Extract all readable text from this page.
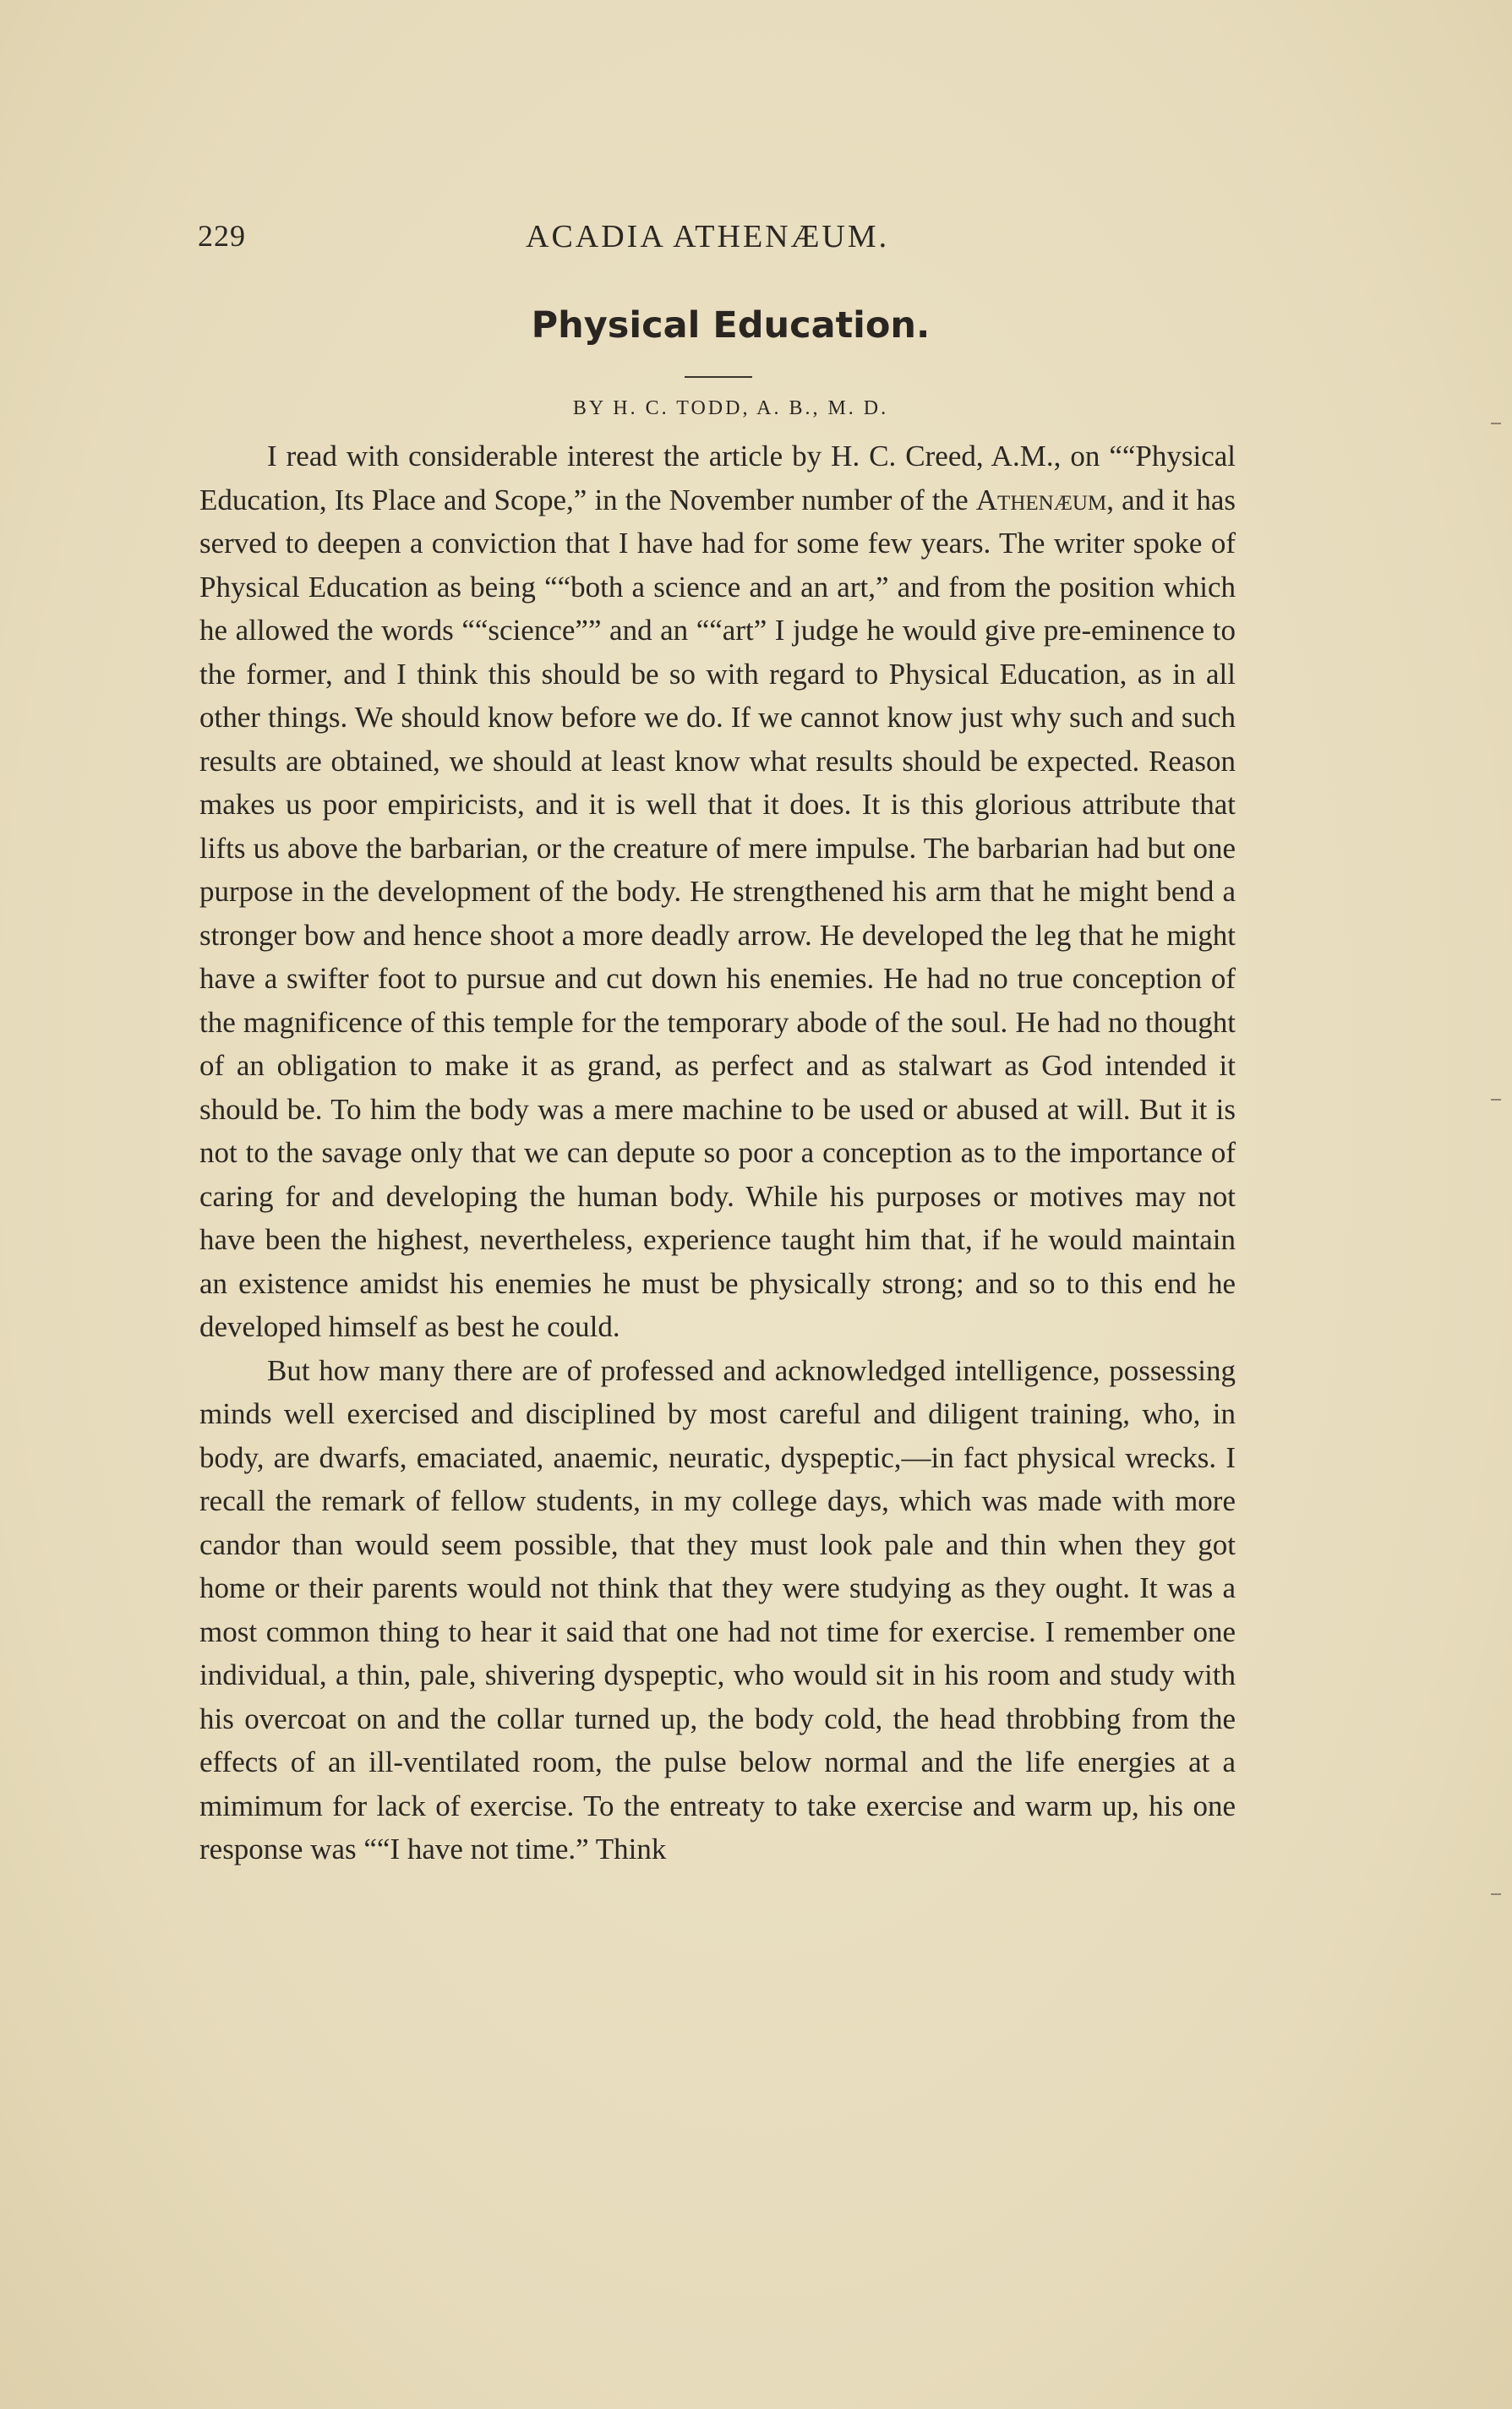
229	ACADIA ATHENÆUM.
Physical Education.
BY H. C. TODD, A. B., M. D.

I read with considerable interest the article by H. C. Creed, A.M., on ““Physical Education, Its Place and Scope,” in the November number of the Athenæum, and it has served to deepen a conviction that I have had for some few years. The writer spoke of Physical Education as being ““both a science and an art,” and from the position which he allowed the words ““science”” and an ““art” I judge he would give pre-eminence to the former, and I think this should be so with regard to Physical Education, as in all other things. We should know before we do. If we cannot know just why such and such results are obtained, we should at least know what results should be expected. Reason makes us poor empiricists, and it is well that it does. It is this glorious attribute that lifts us above the barbarian, or the creature of mere impulse. The barbarian had but one purpose in the development of the body. He strengthened his arm that he might bend a stronger bow and hence shoot a more deadly arrow. He developed the leg that he might have a swifter foot to pursue and cut down his enemies. He had no true conception of the magnificence of this temple for the temporary abode of the soul. He had no thought of an obligation to make it as grand, as perfect and as stalwart as God intended it should be. To him the body was a mere machine to be used or abused at will. But it is not to the savage only that we can depute so poor a conception as to the importance of caring for and developing the human body. While his purposes or motives may not have been the highest, nevertheless, experience taught him that, if he would maintain an existence amidst his enemies he must be physically strong; and so to this end he developed himself as best he could.

But how many there are of professed and acknowledged intelligence, possessing minds well exercised and disciplined by most careful and diligent training, who, in body, are dwarfs, emaciated, anaemic, neuratic, dyspeptic,—in fact physical wrecks. I recall the remark of fellow students, in my college days, which was made with more candor than would seem possible, that they must look pale and thin when they got home or their parents would not think that they were studying as they ought. It was a most common thing to hear it said that one had not time for exercise. I remember one individual, a thin, pale, shivering dyspeptic, who would sit in his room and study with his overcoat on and the collar turned up, the body cold, the head throbbing from the effects of an ill-ventilated room, the pulse below normal and the life energies at a mimimum for lack of exercise. To the entreaty to take exercise and warm up, his one response was ““I have not time.” Think
